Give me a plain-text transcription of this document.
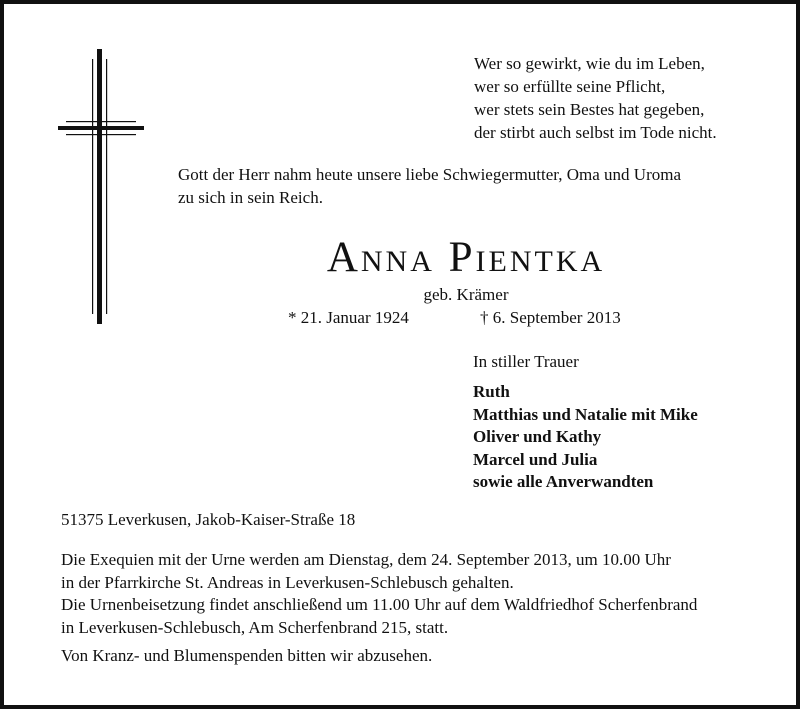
Wer so gewirkt, wie du im Leben,
wer so erfüllte seine Pflicht,
wer stets sein Bestes hat gegeben,
der stirbt auch selbst im Tode nicht.
Gott der Herr nahm heute unsere liebe Schwiegermutter, Oma und Uroma
zu sich in sein Reich.
Anna Pientka
geb. Krämer
* 21. Januar 1924	† 6. September 2013
In stiller Trauer
Ruth
Matthias und Natalie mit Mike
Oliver und Kathy
Marcel und Julia
sowie alle Anverwandten
51375 Leverkusen, Jakob-Kaiser-Straße 18
Die Exequien mit der Urne werden am Dienstag, dem 24. September 2013, um 10.00 Uhr
in der Pfarrkirche St. Andreas in Leverkusen-Schlebusch gehalten.
Die Urnenbeisetzung findet anschließend um 11.00 Uhr auf dem Waldfriedhof Scherfenbrand
in Leverkusen-Schlebusch, Am Scherfenbrand 215, statt.
Von Kranz- und Blumenspenden bitten wir abzusehen.
